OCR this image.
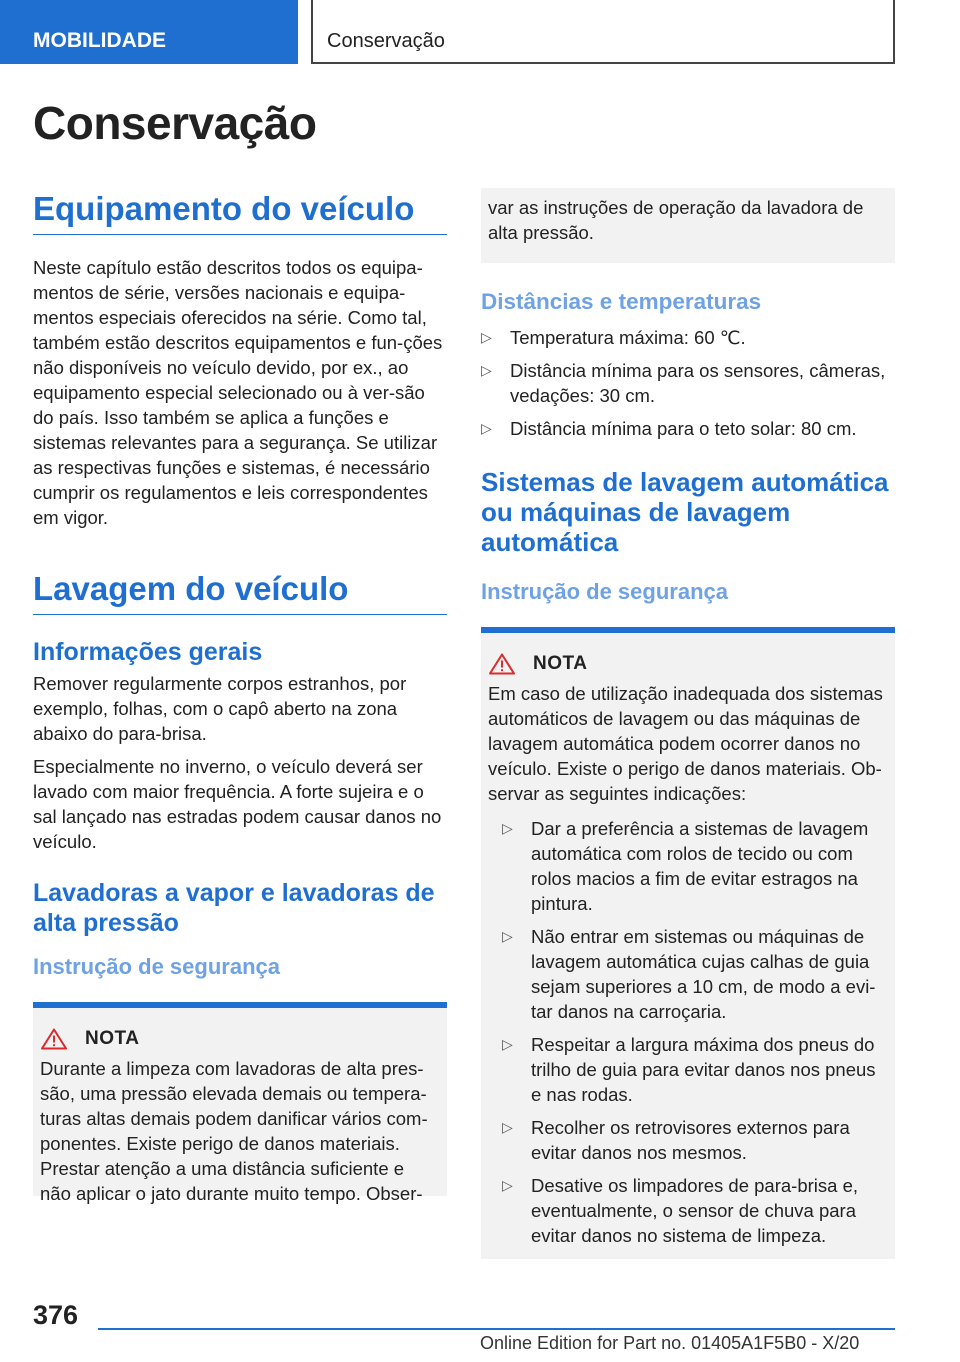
MOBILIDADE	Conservação
Conservação
Equipamento do veículo

Neste capítulo estão descritos todos os equipa-mentos de série, versões nacionais e equipa-mentos especiais oferecidos na série. Como tal, também estão descritos equipamentos e fun-ções não disponíveis no veículo devido, por ex., ao equipamento especial selecionado ou à ver-são do país. Isso também se aplica a funções e sistemas relevantes para a segurança. Se utilizar as respectivas funções e sistemas, é necessário cumprir os regulamentos e leis correspondentes em vigor.

Lavagem do veículo
Informações gerais

Remover regularmente corpos estranhos, por exemplo, folhas, com o capô aberto na zona abaixo do para-brisa.

Especialmente no inverno, o veículo deverá ser lavado com maior frequência. A forte sujeira e o sal lançado nas estradas podem causar danos no veículo.

Lavadoras a vapor e lavadoras de alta pressão
Instrução de segurança
NOTA

Durante a limpeza com lavadoras de alta pres-são, uma pressão elevada demais ou tempera-turas altas demais podem danificar vários com-ponentes. Existe perigo de danos materiais. Prestar atenção a uma distância suficiente e não aplicar o jato durante muito tempo. Obser-

var as instruções de operação da lavadora de alta pressão.

Distâncias e temperaturas
▷ Temperatura máxima: 60 ℃.
▷ Distância mínima para os sensores, câmeras, vedações: 30 cm.
▷ Distância mínima para o teto solar: 80 cm.
Sistemas de lavagem automática ou máquinas de lavagem automática
Instrução de segurança
NOTA

Em caso de utilização inadequada dos sistemas automáticos de lavagem ou das máquinas de lavagem automática podem ocorrer danos no veículo. Existe o perigo de danos materiais. Ob-servar as seguintes indicações:

▷ Dar a preferência a sistemas de lavagem automática com rolos de tecido ou com rolos macios a fim de evitar estragos na pintura.
▷ Não entrar em sistemas ou máquinas de lavagem automática cujas calhas de guia sejam superiores a 10 cm, de modo a evi-tar danos na carroçaria.
▷ Respeitar a largura máxima dos pneus do trilho de guia para evitar danos nos pneus e nas rodas.
▷ Recolher os retrovisores externos para evitar danos nos mesmos.
▷ Desative os limpadores de para-brisa e, eventualmente, o sensor de chuva para evitar danos no sistema de limpeza.
376
Online Edition for Part no. 01405A1F5B0 - X/20
